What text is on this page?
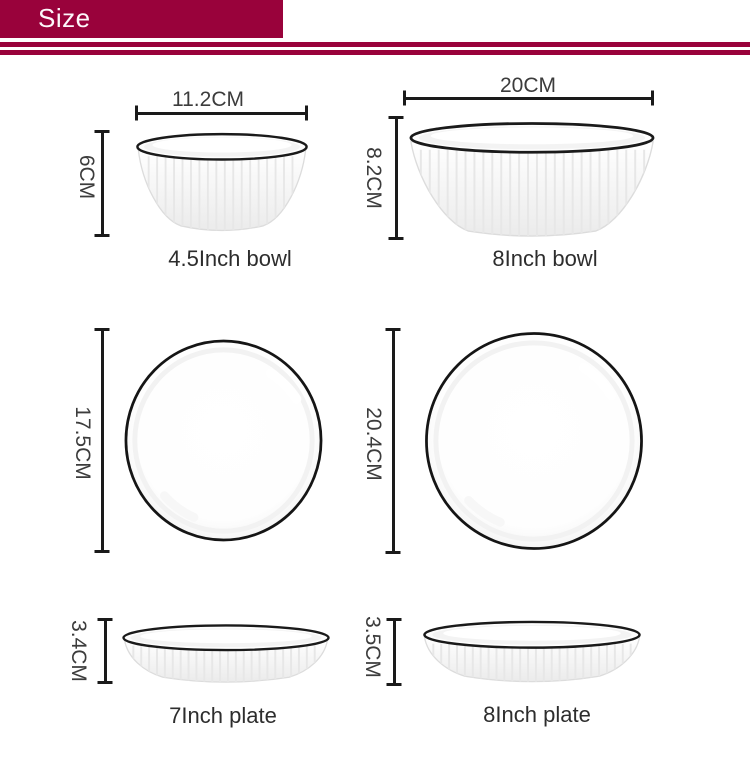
Size
11.2CM
6CM
4.5Inch bowl
20CM
8.2CM
8Inch bowl
17.5CM	20.4CM
3.4CM
7Inch plate
3.5CM
8Inch plate
